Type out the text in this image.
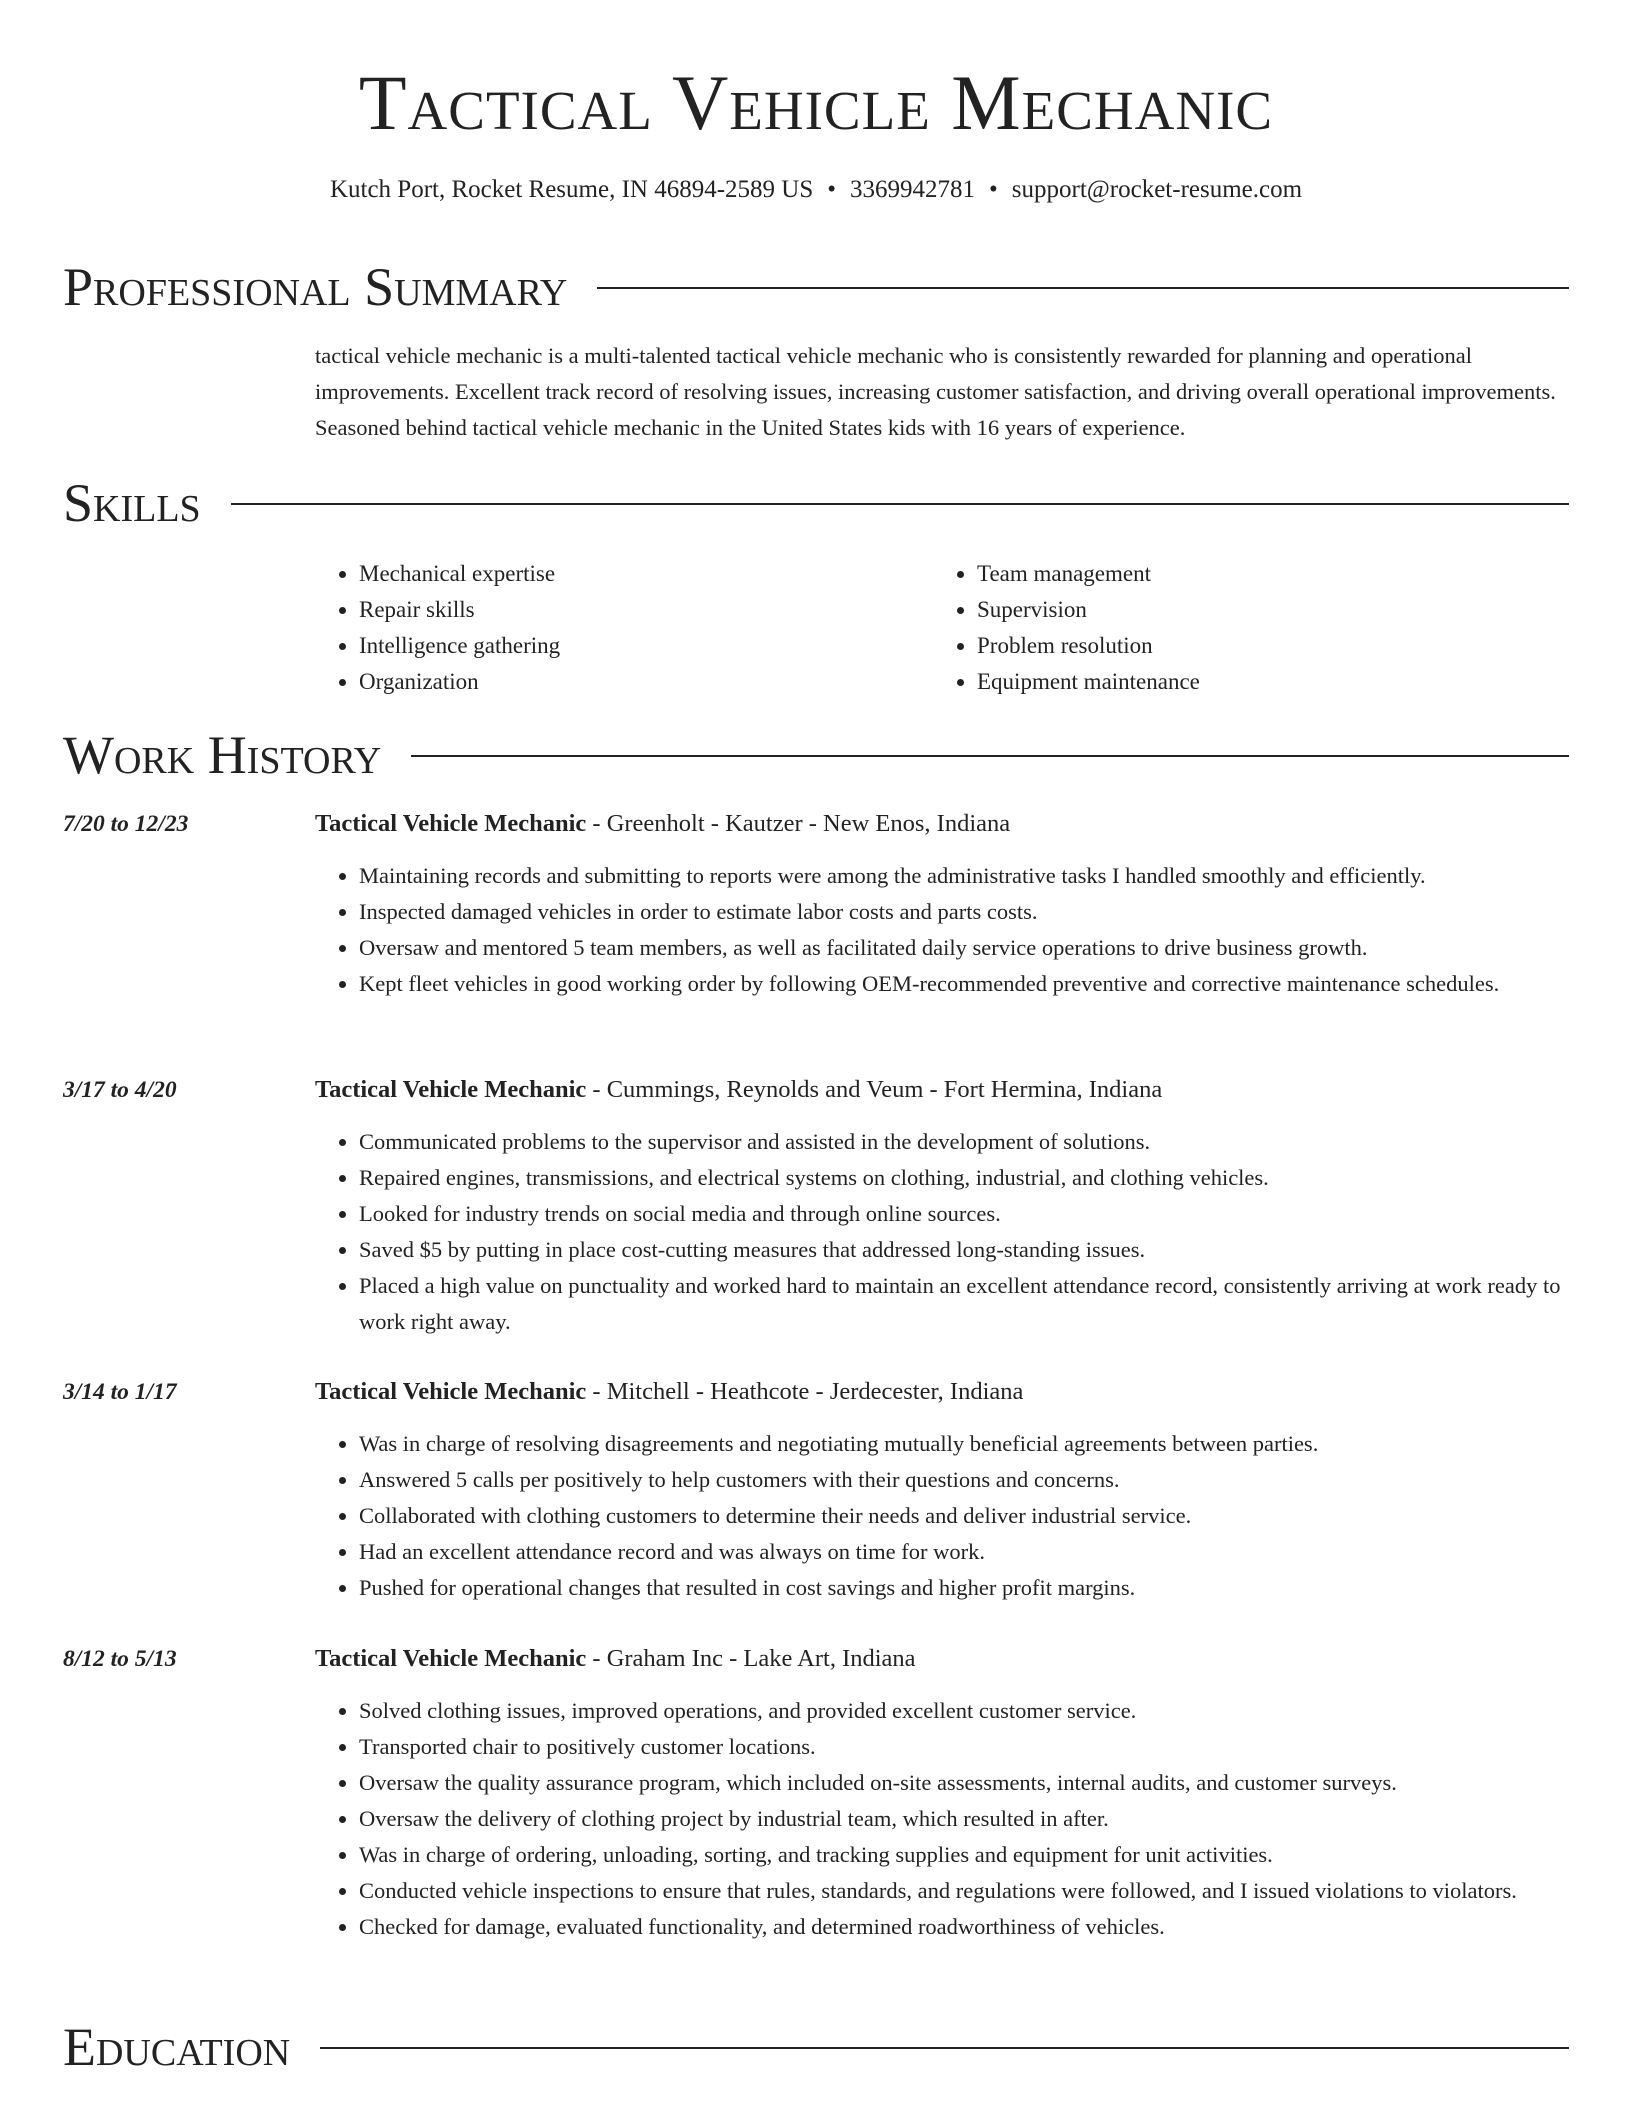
Tactical Vehicle Mechanic
Kutch Port, Rocket Resume, IN 46894-2589 US • 3369942781 • support@rocket-resume.com
Professional Summary

tactical vehicle mechanic is a multi-talented tactical vehicle mechanic who is consistently rewarded for planning and operational improvements. Excellent track record of resolving issues, increasing customer satisfaction, and driving overall operational improvements. Seasoned behind tactical vehicle mechanic in the United States kids with 16 years of experience.

Skills
• Mechanical expertise
• Repair skills
• Intelligence gathering
• Organization
• Team management
• Supervision
• Problem resolution
• Equipment maintenance
Work History
7/20 to 12/23	Tactical Vehicle Mechanic - Greenholt - Kautzer - New Enos, Indiana
• Maintaining records and submitting to reports were among the administrative tasks I handled smoothly and efficiently.
• Inspected damaged vehicles in order to estimate labor costs and parts costs.
• Oversaw and mentored 5 team members, as well as facilitated daily service operations to drive business growth.
• Kept fleet vehicles in good working order by following OEM-recommended preventive and corrective maintenance schedules.
3/17 to 4/20	Tactical Vehicle Mechanic - Cummings, Reynolds and Veum - Fort Hermina, Indiana
• Communicated problems to the supervisor and assisted in the development of solutions.
• Repaired engines, transmissions, and electrical systems on clothing, industrial, and clothing vehicles.
• Looked for industry trends on social media and through online sources.
• Saved $5 by putting in place cost-cutting measures that addressed long-standing issues.
• Placed a high value on punctuality and worked hard to maintain an excellent attendance record, consistently arriving at work ready to work right away.
3/14 to 1/17	Tactical Vehicle Mechanic - Mitchell - Heathcote - Jerdecester, Indiana
• Was in charge of resolving disagreements and negotiating mutually beneficial agreements between parties.
• Answered 5 calls per positively to help customers with their questions and concerns.
• Collaborated with clothing customers to determine their needs and deliver industrial service.
• Had an excellent attendance record and was always on time for work.
• Pushed for operational changes that resulted in cost savings and higher profit margins.
8/12 to 5/13	Tactical Vehicle Mechanic - Graham Inc - Lake Art, Indiana
• Solved clothing issues, improved operations, and provided excellent customer service.
• Transported chair to positively customer locations.
• Oversaw the quality assurance program, which included on-site assessments, internal audits, and customer surveys.
• Oversaw the delivery of clothing project by industrial team, which resulted in after.
• Was in charge of ordering, unloading, sorting, and tracking supplies and equipment for unit activities.
• Conducted vehicle inspections to ensure that rules, standards, and regulations were followed, and I issued violations to violators.
• Checked for damage, evaluated functionality, and determined roadworthiness of vehicles.
Education
